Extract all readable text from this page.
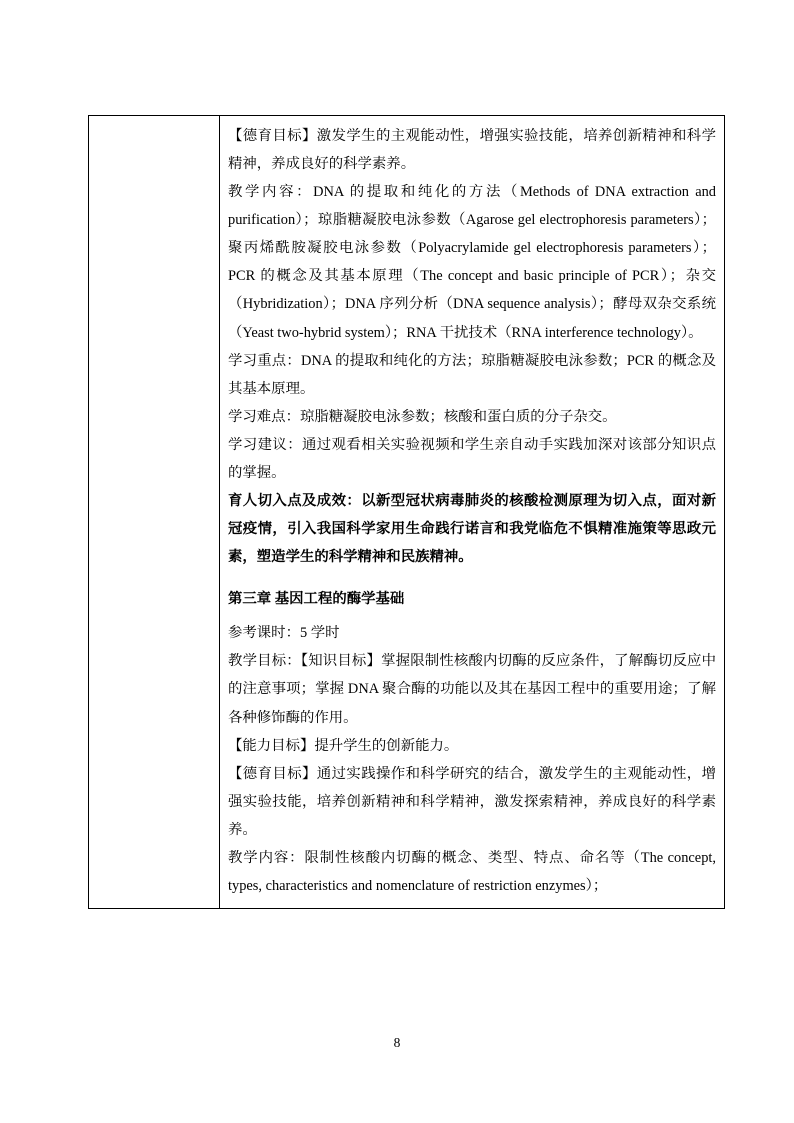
【德育目标】激发学生的主观能动性，增强实验技能，培养创新精神和科学精神，养成良好的科学素养。

教学内容：DNA 的提取和纯化的方法（Methods of DNA extraction and purification）；琼脂糖凝胶电泳参数（Agarose gel electrophoresis parameters）；聚丙烯酰胺凝胶电泳参数（Polyacrylamide gel electrophoresis parameters）；PCR 的概念及其基本原理（The concept and basic principle of PCR）；杂交（Hybridization）；DNA 序列分析（DNA sequence analysis）；酵母双杂交系统（Yeast two-hybrid system）；RNA 干扰技术（RNA interference technology）。

学习重点：DNA 的提取和纯化的方法；琼脂糖凝胶电泳参数；PCR 的概念及其基本原理。

学习难点：琼脂糖凝胶电泳参数；核酸和蛋白质的分子杂交。

学习建议：通过观看相关实验视频和学生亲自动手实践加深对该部分知识点的掌握。

育人切入点及成效：以新型冠状病毒肺炎的核酸检测原理为切入点，面对新冠疫情，引入我国科学家用生命践行诺言和我党临危不惧精准施策等思政元素，塑造学生的科学精神和民族精神。

第三章 基因工程的酶学基础

参考课时：5 学时

教学目标：【知识目标】掌握限制性核酸内切酶的反应条件，了解酶切反应中的注意事项；掌握 DNA 聚合酶的功能以及其在基因工程中的重要用途；了解各种修饰酶的作用。

【能力目标】提升学生的创新能力。

【德育目标】通过实践操作和科学研究的结合，激发学生的主观能动性，增强实验技能，培养创新精神和科学精神，激发探索精神，养成良好的科学素养。

教学内容：限制性核酸内切酶的概念、类型、特点、命名等（The concept, types, characteristics and nomenclature of restriction enzymes）；

8
